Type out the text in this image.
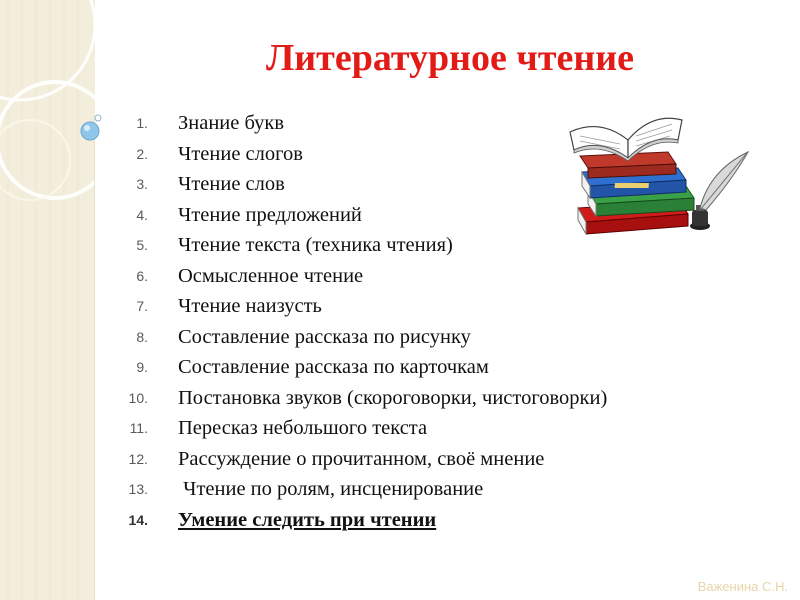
Литературное чтение
1. Знание букв
2. Чтение слогов
3. Чтение слов
4. Чтение предложений
5. Чтение текста (техника чтения)
6. Осмысленное чтение
7. Чтение наизусть
8. Составление рассказа по рисунку
9. Составление рассказа по карточкам
10. Постановка звуков (скороговорки, чистоговорки)
11. Пересказ небольшого текста
12. Рассуждение о прочитанном, своё мнение
13. Чтение по ролям, инсценирование
14. Умение следить при чтении
Важенина С.Н.
